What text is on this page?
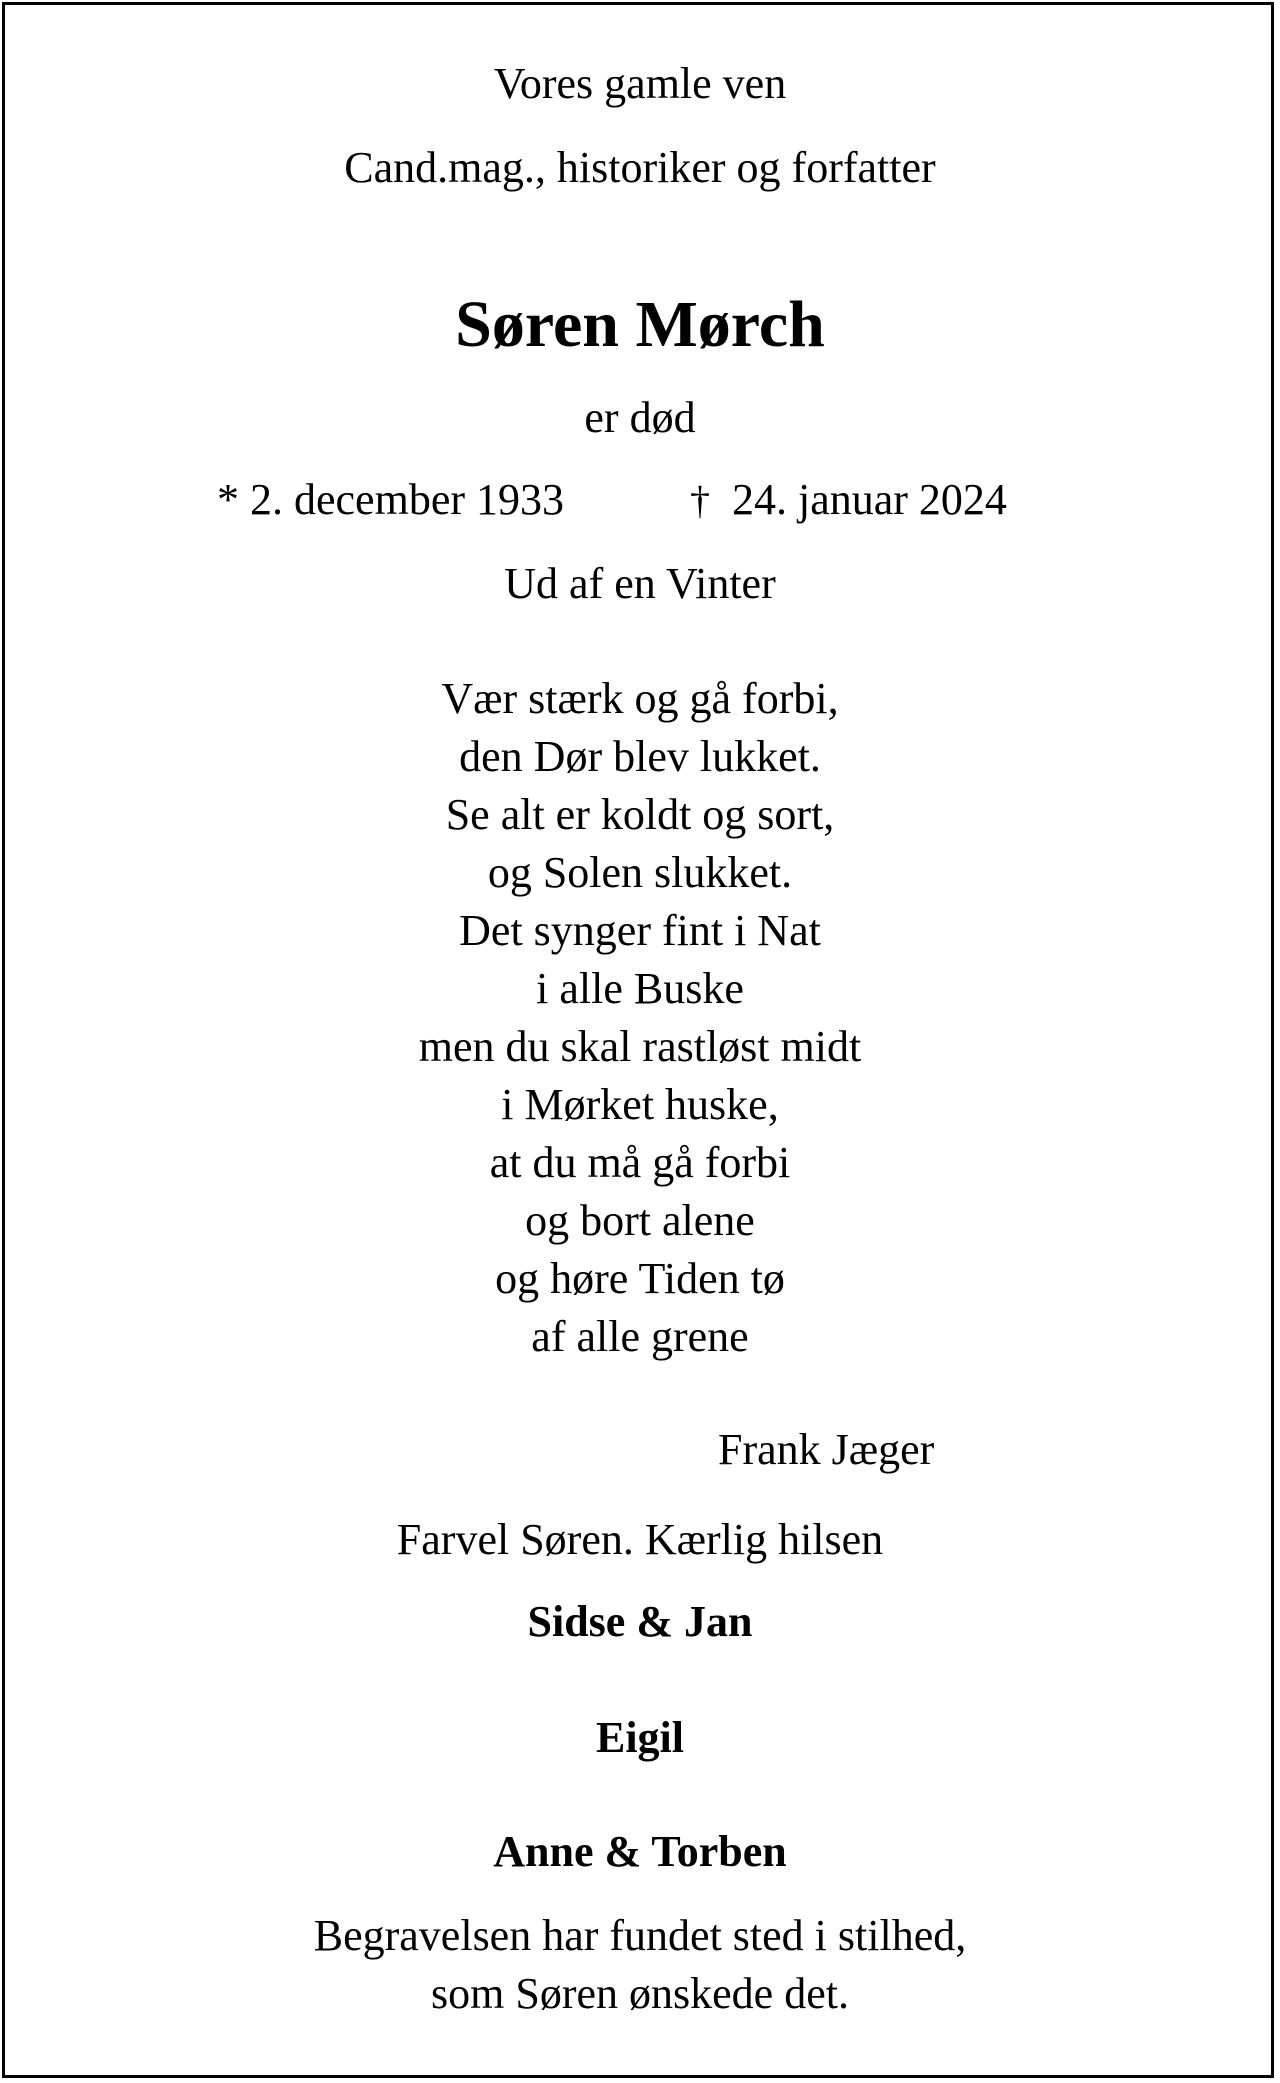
Vores gamle ven
Cand.mag., historiker og forfatter
Søren Mørch
er død
* 2. december 1933	† 24. januar 2024
Ud af en Vinter
Vær stærk og gå forbi,
den Dør blev lukket.
Se alt er koldt og sort,
og Solen slukket.
Det synger fint i Nat
i alle Buske
men du skal rastløst midt
i Mørket huske,
at du må gå forbi
og bort alene
og høre Tiden tø
af alle grene
Frank Jæger
Farvel Søren. Kærlig hilsen
Sidse & Jan
Eigil
Anne & Torben
Begravelsen har fundet sted i stilhed,
som Søren ønskede det.
